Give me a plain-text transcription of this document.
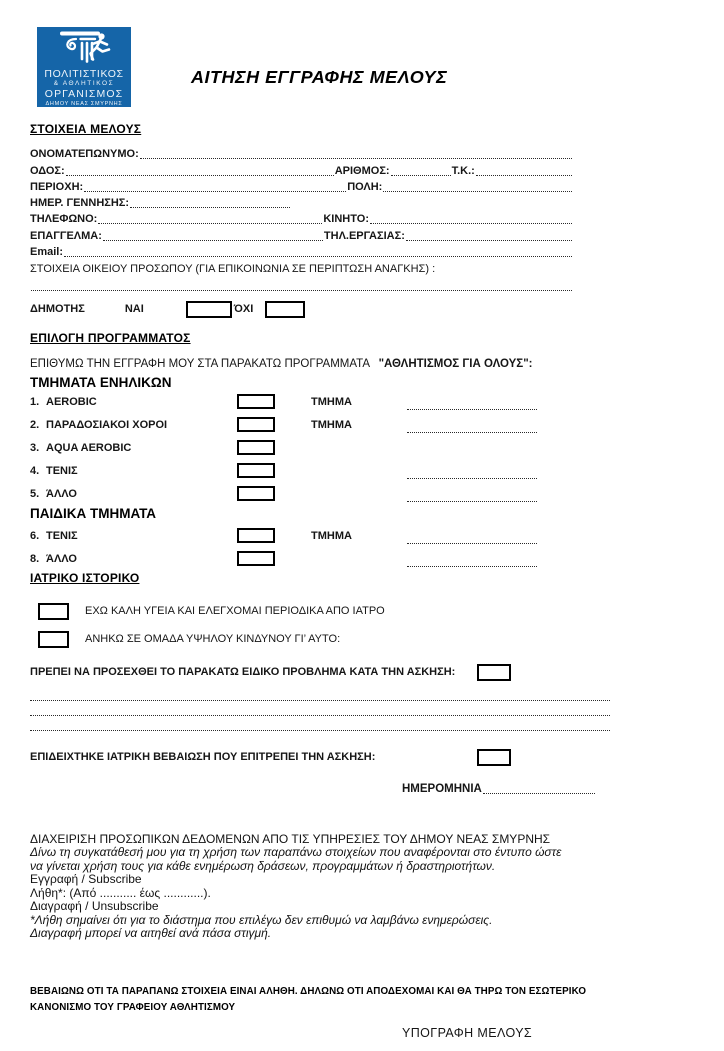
ΠΟΛΙΤΙΣΤΙΚΟΣ
& ΑΘΛΗΤΙΚΟΣ
ΟΡΓΑΝΙΣΜΟΣ
ΔΗΜΟΥ ΝΕΑΣ ΣΜΥΡΝΗΣ
ΑΙΤΗΣΗ ΕΓΓΡΑΦΗΣ ΜΕΛΟΥΣ
ΣΤΟΙΧΕΙΑ ΜΕΛΟΥΣ
ΟΝΟΜΑΤΕΠΩΝΥΜΟ:
ΟΔΟΣ:	ΑΡΙΘΜΟΣ:	Τ.Κ.:
ΠΕΡΙΟΧΗ:	ΠΟΛΗ:
ΗΜΕΡ. ΓΕΝΝΗΣΗΣ:
ΤΗΛΕΦΩΝΟ:	ΚΙΝΗΤΟ:
ΕΠΑΓΓΕΛΜΑ:	ΤΗΛ.ΕΡΓΑΣΙΑΣ:
Email:
ΣΤΟΙΧΕΙΑ ΟΙΚΕΙΟΥ ΠΡΟΣΩΠΟΥ (ΓΙΑ ΕΠΙΚΟΙΝΩΝΙΑ ΣΕ ΠΕΡΙΠΤΩΣΗ ΑΝΑΓΚΗΣ) :
ΔΗΜΟΤΗΣ	ΝΑΙ	ΌΧΙ
ΕΠΙΛΟΓΗ ΠΡΟΓΡΑΜΜΑΤΟΣ
ΕΠΙΘΥΜΩ ΤΗΝ ΕΓΓΡΑΦΗ ΜΟΥ ΣΤΑ ΠΑΡΑΚΑΤΩ ΠΡΟΓΡΑΜΜΑΤΑ "ΑΘΛΗΤΙΣΜΟΣ ΓΙΑ ΟΛΟΥΣ":
ΤΜΗΜΑΤΑ ΕΝΗΛΙΚΩΝ
1. AEROBIC	ΤΜΗΜΑ
2. ΠΑΡΑΔΟΣΙΑΚΟΙ ΧΟΡΟΙ	ΤΜΗΜΑ
3. AQUA AEROBIC
4. ΤΕΝΙΣ
5. ΆΛΛΟ
ΠΑΙΔΙΚΑ ΤΜΗΜΑΤΑ
6. ΤΕΝΙΣ	ΤΜΗΜΑ
8. ΆΛΛΟ
ΙΑΤΡΙΚΟ ΙΣΤΟΡΙΚΟ
ΕΧΩ ΚΑΛΗ ΥΓΕΙΑ ΚΑΙ ΕΛΕΓΧΟΜΑΙ ΠΕΡΙΟΔΙΚΑ ΑΠΟ ΙΑΤΡΟ
ΑΝΗΚΩ ΣΕ ΟΜΑΔΑ ΥΨΗΛΟΥ ΚΙΝΔΥΝΟΥ ΓΙ’ ΑΥΤΟ:
ΠΡΕΠΕΙ ΝΑ ΠΡΟΣΕΧΘΕΙ ΤΟ ΠΑΡΑΚΑΤΩ ΕΙΔΙΚΟ ΠΡΟΒΛΗΜΑ ΚΑΤΑ ΤΗΝ ΑΣΚΗΣΗ:
ΕΠΙΔΕΙΧΤΗΚΕ ΙΑΤΡΙΚΗ ΒΕΒΑΙΩΣΗ ΠΟΥ ΕΠΙΤΡΕΠΕΙ ΤΗΝ ΑΣΚΗΣΗ:
ΗΜΕΡΟΜΗΝΙΑ
ΔΙΑΧΕΙΡΙΣΗ ΠΡΟΣΩΠΙΚΩΝ ΔΕΔΟΜΕΝΩΝ ΑΠΟ ΤΙΣ ΥΠΗΡΕΣΙΕΣ ΤΟΥ ΔΗΜΟΥ ΝΕΑΣ ΣΜΥΡΝΗΣ
Δίνω τη συγκατάθεσή μου για τη χρήση των παραπάνω στοιχείων που αναφέρονται στο έντυπο ώστε
να γίνεται χρήση τους για κάθε ενημέρωση δράσεων, προγραμμάτων ή δραστηριοτήτων.
Εγγραφή / Subscribe
Λήθη*: (Από ........... έως ............).
Διαγραφή / Unsubscribe
*Λήθη σημαίνει ότι για το διάστημα που επιλέγω δεν επιθυμώ να λαμβάνω ενημερώσεις.
Διαγραφή μπορεί να αιτηθεί ανά πάσα στιγμή.
ΒΕΒΑΙΩΝΩ ΟΤΙ ΤΑ ΠΑΡΑΠΑΝΩ ΣΤΟΙΧΕΙΑ ΕΙΝΑΙ ΑΛΗΘΗ. ΔΗΛΩΝΩ ΟΤΙ ΑΠΟΔΕΧΟΜΑΙ ΚΑΙ ΘΑ ΤΗΡΩ ΤΟΝ ΕΣΩΤΕΡΙΚΟ
ΚΑΝΟΝΙΣΜΟ ΤΟΥ ΓΡΑΦΕΙΟΥ ΑΘΛΗΤΙΣΜΟΥ
ΥΠΟΓΡΑΦΗ ΜΕΛΟΥΣ
